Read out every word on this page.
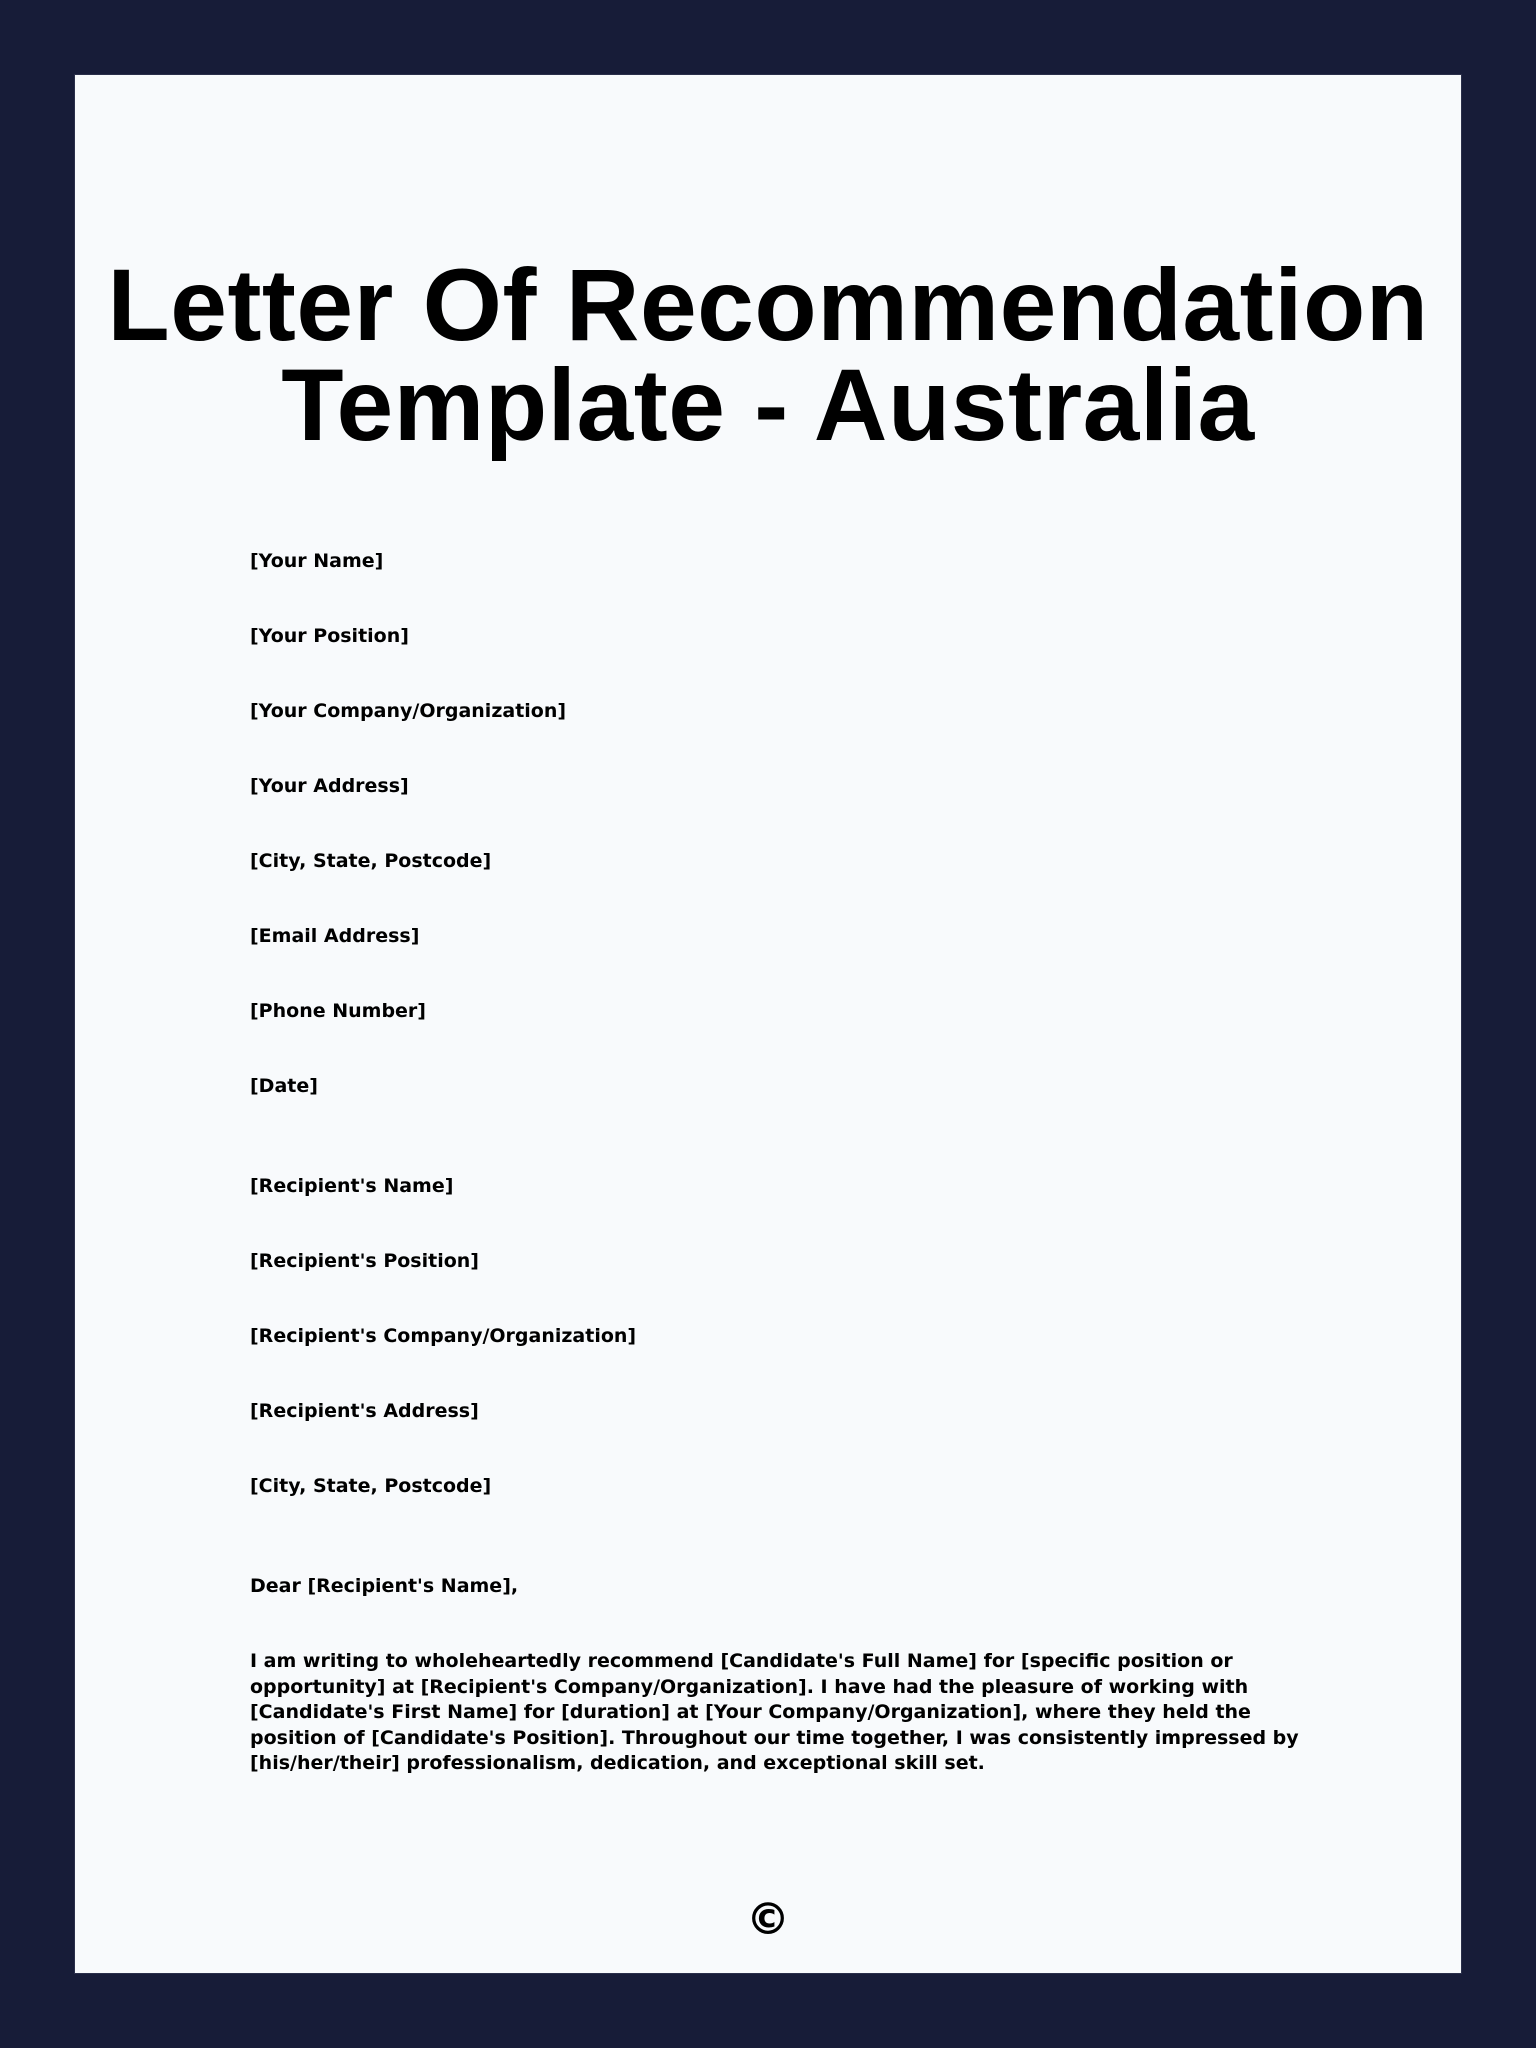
Letter Of Recommendation
Template - Australia
[Your Name]
[Your Position]
[Your Company/Organization]
[Your Address]
[City, State, Postcode]
[Email Address]
[Phone Number]
[Date]
[Recipient's Name]
[Recipient's Position]
[Recipient's Company/Organization]
[Recipient's Address]
[City, State, Postcode]
Dear [Recipient's Name],

I am writing to wholeheartedly recommend [Candidate's Full Name] for [specific position or opportunity] at [Recipient's Company/Organization]. I have had the pleasure of working with [Candidate's First Name] for [duration] at [Your Company/Organization], where they held the position of [Candidate's Position]. Throughout our time together, I was consistently impressed by [his/her/their] professionalism, dedication, and exceptional skill set.

©
